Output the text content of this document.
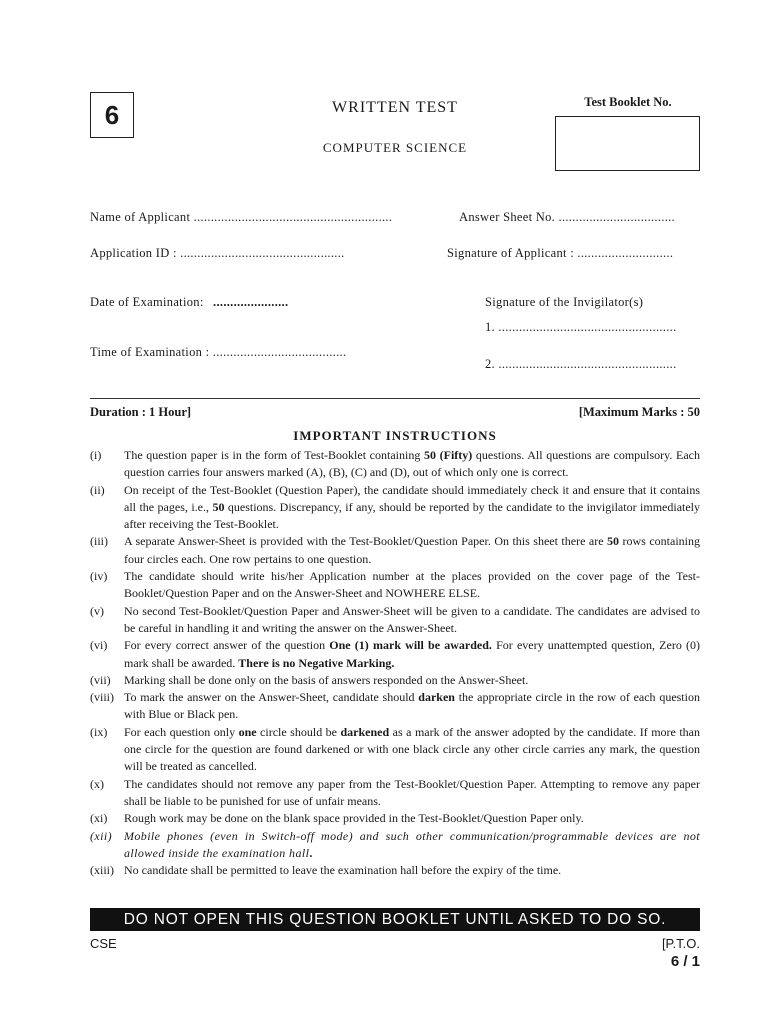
6	WRITTEN TEST
COMPUTER SCIENCE
Test Booklet No.
Name of Applicant ..........................................................	Answer Sheet No. ..................................
Application ID : ................................................	Signature of Applicant : ............................
Date of Examination: ......................	Signature of the Invigilator(s)
1. ....................................................
Time of Examination : .......................................
2. ....................................................
Duration : 1 Hour]	[Maximum Marks : 50
IMPORTANT INSTRUCTIONS
(i)	The question paper is in the form of Test-Booklet containing 50 (Fifty) questions. All questions are compulsory. Each question carries four answers marked (A), (B), (C) and (D), out of which only one is correct.
(ii)	On receipt of the Test-Booklet (Question Paper), the candidate should immediately check it and ensure that it contains all the pages, i.e., 50 questions. Discrepancy, if any, should be reported by the candidate to the invigilator immediately after receiving the Test-Booklet.
(iii)	A separate Answer-Sheet is provided with the Test-Booklet/Question Paper. On this sheet there are 50 rows containing four circles each. One row pertains to one question.
(iv)	The candidate should write his/her Application number at the places provided on the cover page of the Test-Booklet/Question Paper and on the Answer-Sheet and NOWHERE ELSE.
(v)	No second Test-Booklet/Question Paper and Answer-Sheet will be given to a candidate. The candidates are advised to be careful in handling it and writing the answer on the Answer-Sheet.
(vi)	For every correct answer of the question One (1) mark will be awarded. For every unattempted question, Zero (0) mark shall be awarded. There is no Negative Marking.
(vii)	Marking shall be done only on the basis of answers responded on the Answer-Sheet.
(viii) To mark the answer on the Answer-Sheet, candidate should darken the appropriate circle in the row of each question with Blue or Black pen.
(ix)	For each question only one circle should be darkened as a mark of the answer adopted by the candidate. If more than one circle for the question are found darkened or with one black circle any other circle carries any mark, the question will be treated as cancelled.
(x)	The candidates should not remove any paper from the Test-Booklet/Question Paper. Attempting to remove any paper shall be liable to be punished for use of unfair means.
(xi)	Rough work may be done on the blank space provided in the Test-Booklet/Question Paper only.
(xii)	Mobile phones (even in Switch-off mode) and such other communication/programmable devices are not allowed inside the examination hall.
(xiii) No candidate shall be permitted to leave the examination hall before the expiry of the time.
DO NOT OPEN THIS QUESTION BOOKLET UNTIL ASKED TO DO SO.
CSE	[P.T.O.
6 / 1
